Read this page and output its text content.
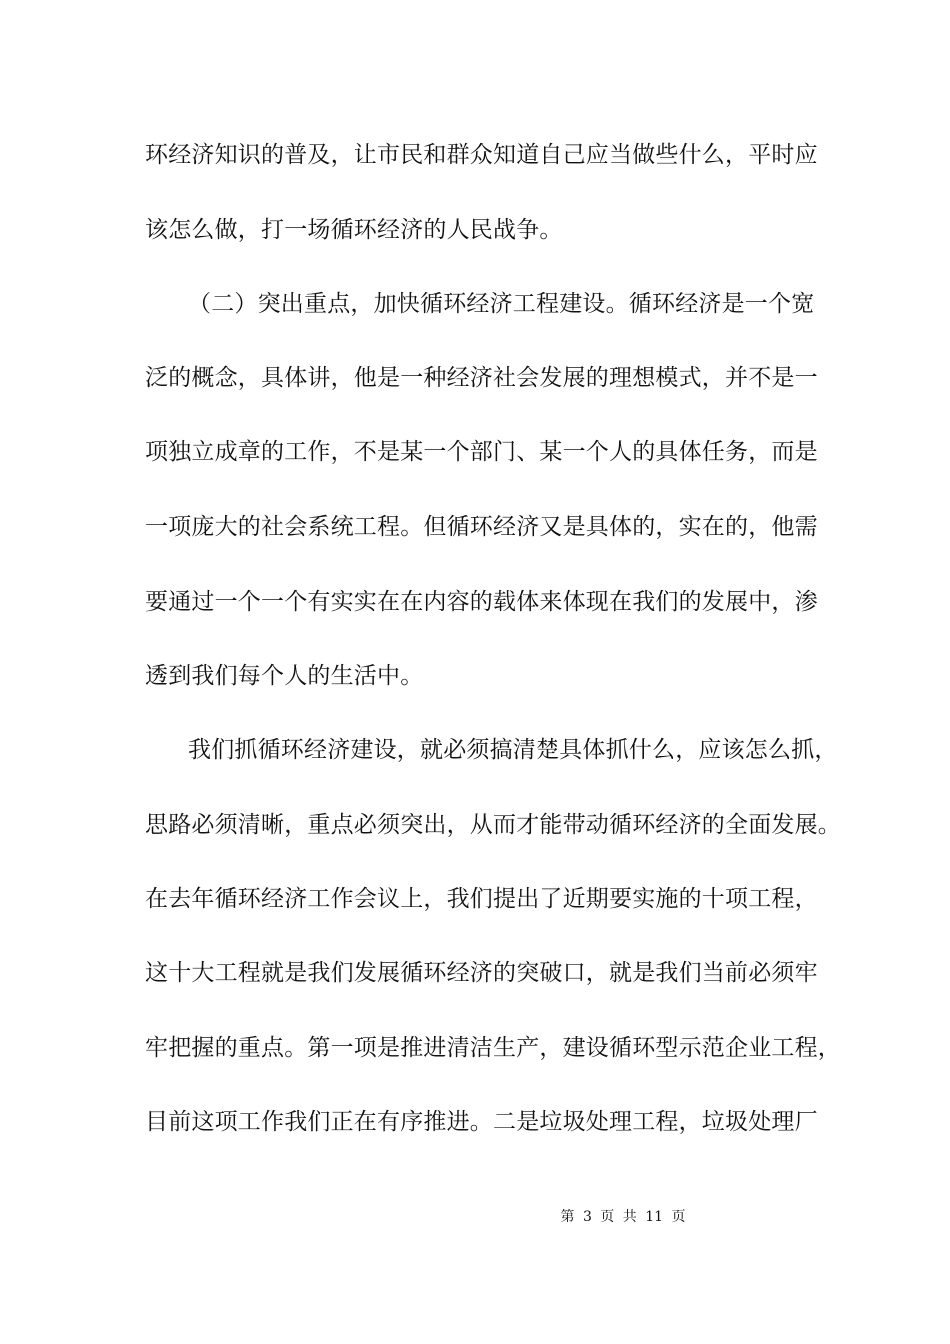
环经济知识的普及，让市民和群众知道自己应当做些什么，平时应
该怎么做，打一场循环经济的人民战争。
（二）突出重点，加快循环经济工程建设。循环经济是一个宽
泛的概念，具体讲，他是一种经济社会发展的理想模式，并不是一
项独立成章的工作，不是某一个部门、某一个人的具体任务，而是
一项庞大的社会系统工程。但循环经济又是具体的，实在的，他需
要通过一个一个有实实在在内容的载体来体现在我们的发展中，渗
透到我们每个人的生活中。
我们抓循环经济建设，就必须搞清楚具体抓什么，应该怎么抓，
思路必须清晰，重点必须突出，从而才能带动循环经济的全面发展。
在去年循环经济工作会议上，我们提出了近期要实施的十项工程，
这十大工程就是我们发展循环经济的突破口，就是我们当前必须牢
牢把握的重点。第一项是推进清洁生产，建设循环型示范企业工程，
目前这项工作我们正在有序推进。二是垃圾处理工程，垃圾处理厂
第 3 页 共 11 页
